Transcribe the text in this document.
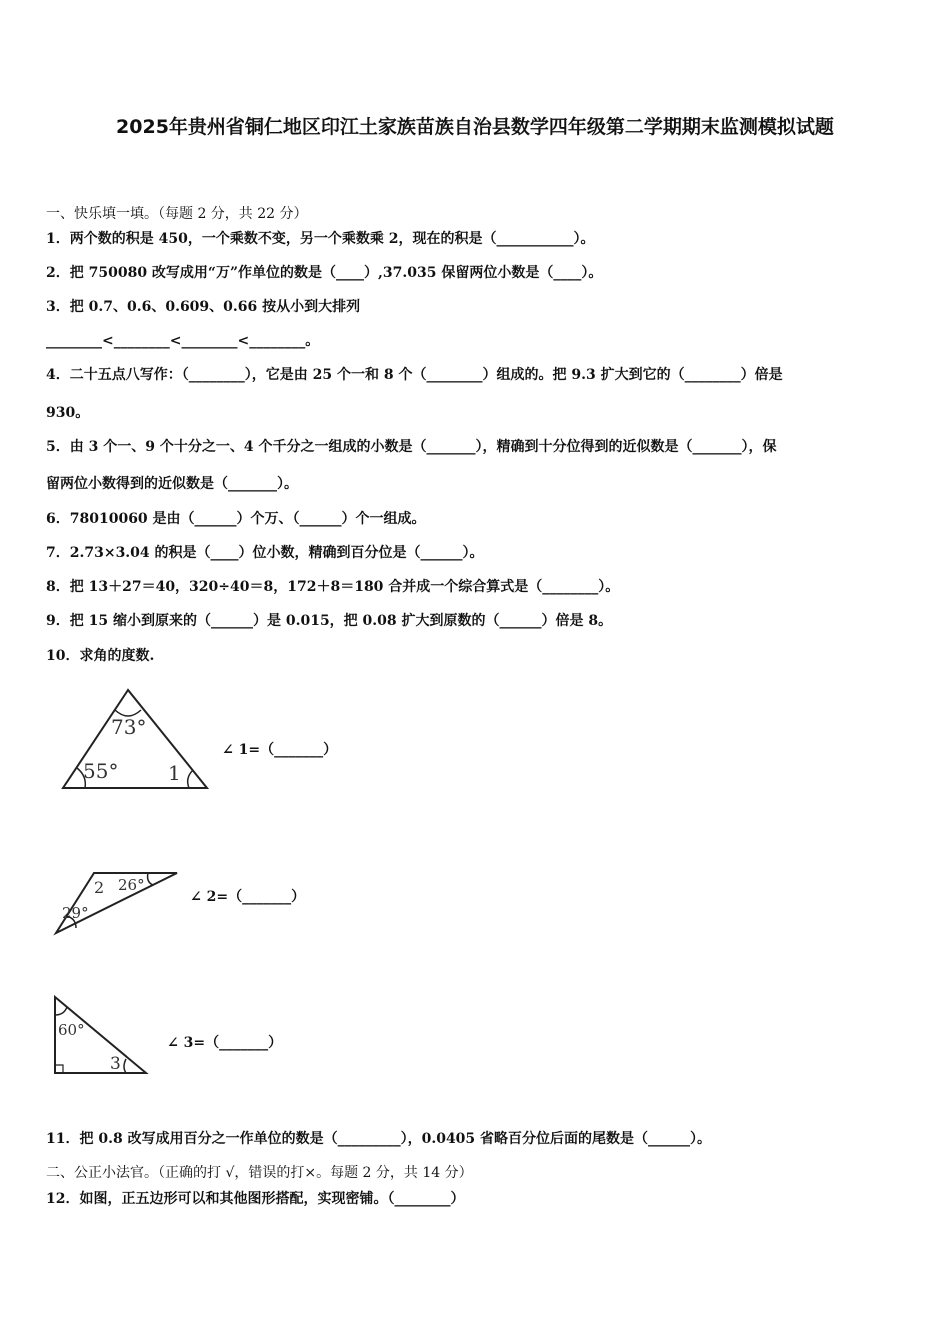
2025年贵州省铜仁地区印江土家族苗族自治县数学四年级第二学期期末监测模拟试题
一、快乐填一填。（每题 2 分，共 22 分）
1．两个数的积是 450，一个乘数不变，另一个乘数乘 2，现在的积是（___________）。
2．把 750080 改写成用“万”作单位的数是（____）,37.035 保留两位小数是（____）。
3．把 0.7、0.6、0.609、0.66 按从小到大排列
________<________<________<________。
4．二十五点八写作：（________），它是由 25 个一和 8 个（________）组成的。把 9.3 扩大到它的（________）倍是
930。
5．由 3 个一、9 个十分之一、4 个千分之一组成的小数是（_______），精确到十分位得到的近似数是（_______），保
留两位小数得到的近似数是（_______）。
6．78010060 是由（______）个万、（______）个一组成。
7．2.73×3.04 的积是（____）位小数，精确到百分位是（______）。
8．把 13＋27＝40，320÷40＝8，172＋8＝180 合并成一个综合算式是（________）。
9．把 15 缩小到原来的（______）是 0.015，把 0.08 扩大到原数的（______）倍是 8。
10．求角的度数.
73°
55° 1
∠ 1=（_______）
2 26°
29°
∠ 2=（_______）
60°
3
∠ 3=（_______）
11．把 0.8 改写成用百分之一作单位的数是（_________），0.0405 省略百分位后面的尾数是（______）。
二、公正小法官。（正确的打 √，错误的打×。每题 2 分，共 14 分）
12．如图，正五边形可以和其他图形搭配，实现密铺。（________）
